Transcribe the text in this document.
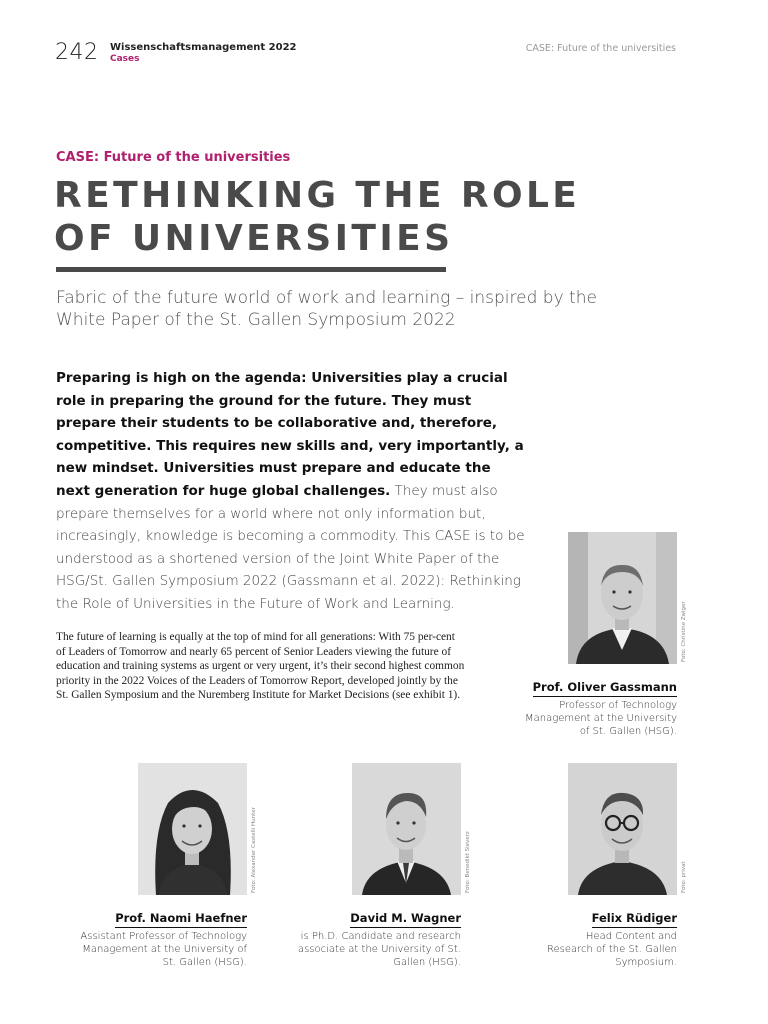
242 Wissenschaftsmanagement 2022
Cases
CASE: Future of the universities
CASE: Future of the universities
RETHINKING THE ROLE
OF UNIVERSITIES
Fabric of the future world of work and learning – inspired by the White Paper of the St. Gallen Symposium 2022

Preparing is high on the agenda: Universities play a crucial role in preparing the ground for the future. They must prepare their students to be collaborative and, therefore, competitive. This requires new skills and, very importantly, a new mindset. Universities must prepare and educate the next generation for huge global challenges. They must also prepare themselves for a world where not only information but, increasingly, knowledge is becoming a commodity. This CASE is to be understood as a shortened version of the Joint White Paper of the HSG/St. Gallen Symposium 2022 (Gassmann et al. 2022): Rethinking the Role of Universities in the Future of Work and Learning.

The future of learning is equally at the top of mind for all generations: With 75 per-cent of Leaders of Tomorrow and nearly 65 percent of Senior Leaders viewing the future of education and training systems as urgent or very urgent, it’s their second highest common priority in the 2022 Voices of the Leaders of Tomorrow Report, developed jointly by the St. Gallen Symposium and the Nuremberg Institute for Market Decisions (see exhibit 1).

Foto: Christine Zwiger
Prof. Oliver Gassmann
Professor of Technology Management at the University of St. Gallen (HSG).
Foto: Alexander Castelli Hunter
Prof. Naomi Haefner
Assistant Professor of Technology Management at the University of St. Gallen (HSG).
Foto: Benedikt Sieverz
David M. Wagner
is Ph.D. Candidate and research associate at the University of St. Gallen (HSG).
Foto: privat
Felix Rüdiger
Head Content and Research of the St. Gallen Symposium.
